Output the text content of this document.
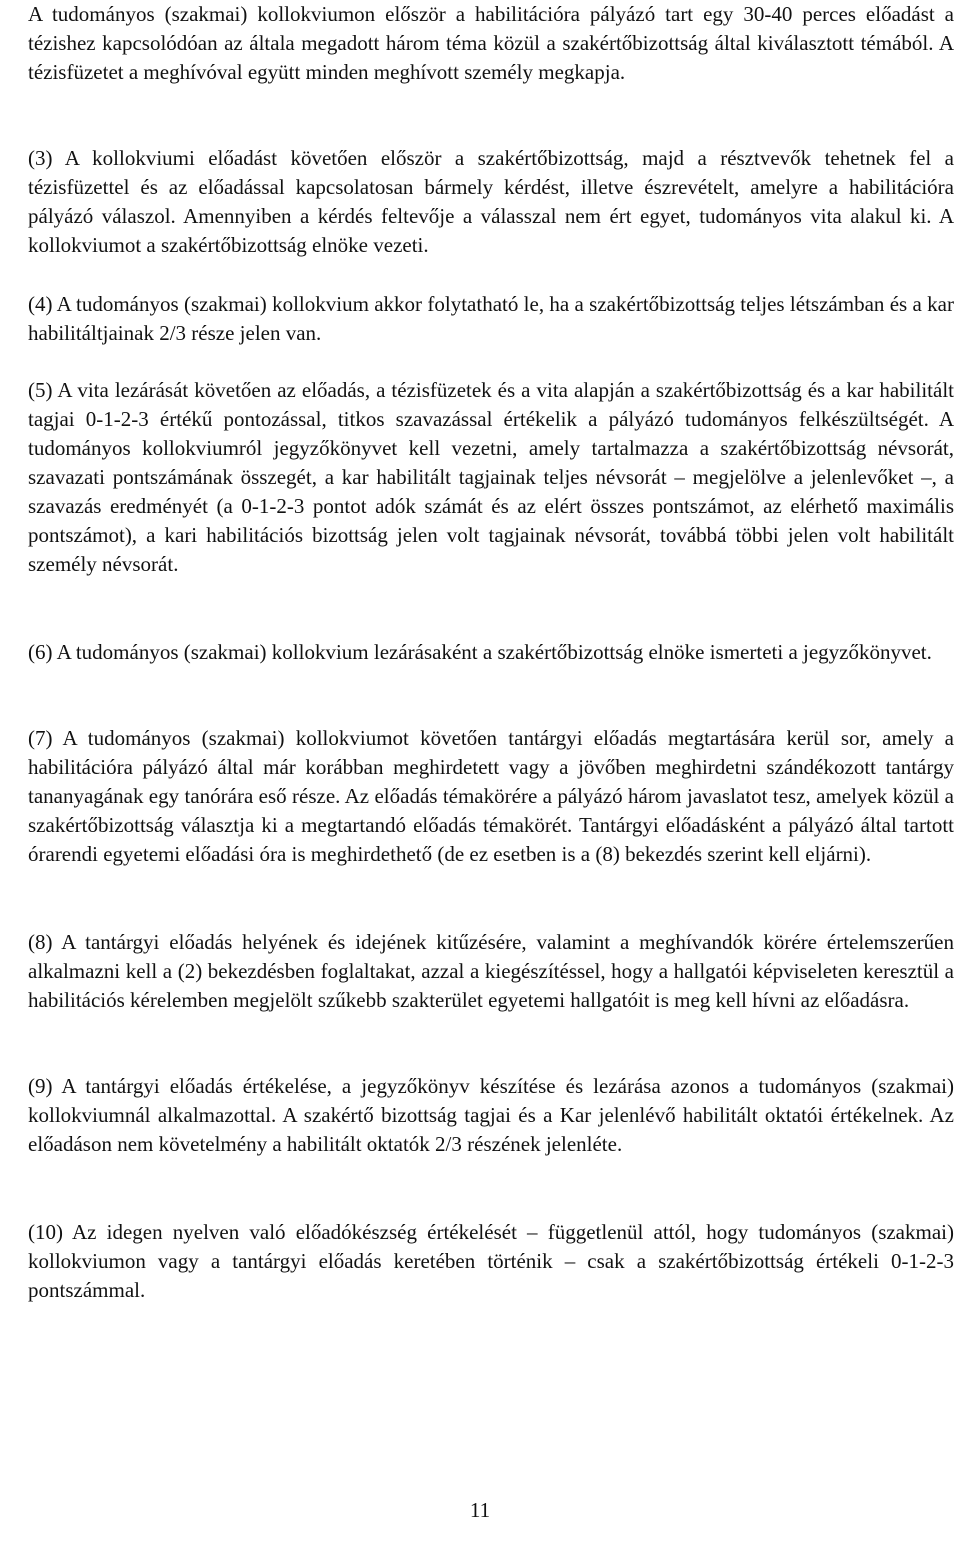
A tudományos (szakmai) kollokviumon először a habilitációra pályázó tart egy 30-40 perces előadást a tézishez kapcsolódóan az általa megadott három téma közül a szakértőbizottság által kiválasztott témából. A tézisfüzetet a meghívóval együtt minden meghívott személy megkapja.

(3) A kollokviumi előadást követően először a szakértőbizottság, majd a résztvevők tehetnek fel a tézisfüzettel és az előadással kapcsolatosan bármely kérdést, illetve észrevételt, amelyre a habilitációra pályázó válaszol. Amennyiben a kérdés feltevője a válasszal nem ért egyet, tudományos vita alakul ki. A kollokviumot a szakértőbizottság elnöke vezeti.

(4) A tudományos (szakmai) kollokvium akkor folytatható le, ha a szakértőbizottság teljes létszámban és a kar habilitáltjainak 2/3 része jelen van.

(5) A vita lezárását követően az előadás, a tézisfüzetek és a vita alapján a szakértőbizottság és a kar habilitált tagjai 0-1-2-3 értékű pontozással, titkos szavazással értékelik a pályázó tudományos felkészültségét. A tudományos kollokviumról jegyzőkönyvet kell vezetni, amely tartalmazza a szakértőbizottság névsorát, szavazati pontszámának összegét, a kar habilitált tagjainak teljes névsorát – megjelölve a jelenlevőket –, a szavazás eredményét (a 0-1-2-3 pontot adók számát és az elért összes pontszámot, az elérhető maximális pontszámot), a kari habilitációs bizottság jelen volt tagjainak névsorát, továbbá többi jelen volt habilitált személy névsorát.

(6) A tudományos (szakmai) kollokvium lezárásaként a szakértőbizottság elnöke ismerteti a jegyzőkönyvet.

(7) A tudományos (szakmai) kollokviumot követően tantárgyi előadás megtartására kerül sor, amely a habilitációra pályázó által már korábban meghirdetett vagy a jövőben meghirdetni szándékozott tantárgy tananyagának egy tanórára eső része. Az előadás témakörére a pályázó három javaslatot tesz, amelyek közül a szakértőbizottság választja ki a megtartandó előadás témakörét. Tantárgyi előadásként a pályázó által tartott órarendi egyetemi előadási óra is meghirdethető (de ez esetben is a (8) bekezdés szerint kell eljárni).

(8) A tantárgyi előadás helyének és idejének kitűzésére, valamint a meghívandók körére értelemszerűen alkalmazni kell a (2) bekezdésben foglaltakat, azzal a kiegészítéssel, hogy a hallgatói képviseleten keresztül a habilitációs kérelemben megjelölt szűkebb szakterület egyetemi hallgatóit is meg kell hívni az előadásra.

(9) A tantárgyi előadás értékelése, a jegyzőkönyv készítése és lezárása azonos a tudományos (szakmai) kollokviumnál alkalmazottal. A szakértő bizottság tagjai és a Kar jelenlévő habilitált oktatói értékelnek. Az előadáson nem követelmény a habilitált oktatók 2/3 részének jelenléte.

(10) Az idegen nyelven való előadókészség értékelését – függetlenül attól, hogy tudományos (szakmai) kollokviumon vagy a tantárgyi előadás keretében történik – csak a szakértőbizottság értékeli 0-1-2-3 pontszámmal.

11
